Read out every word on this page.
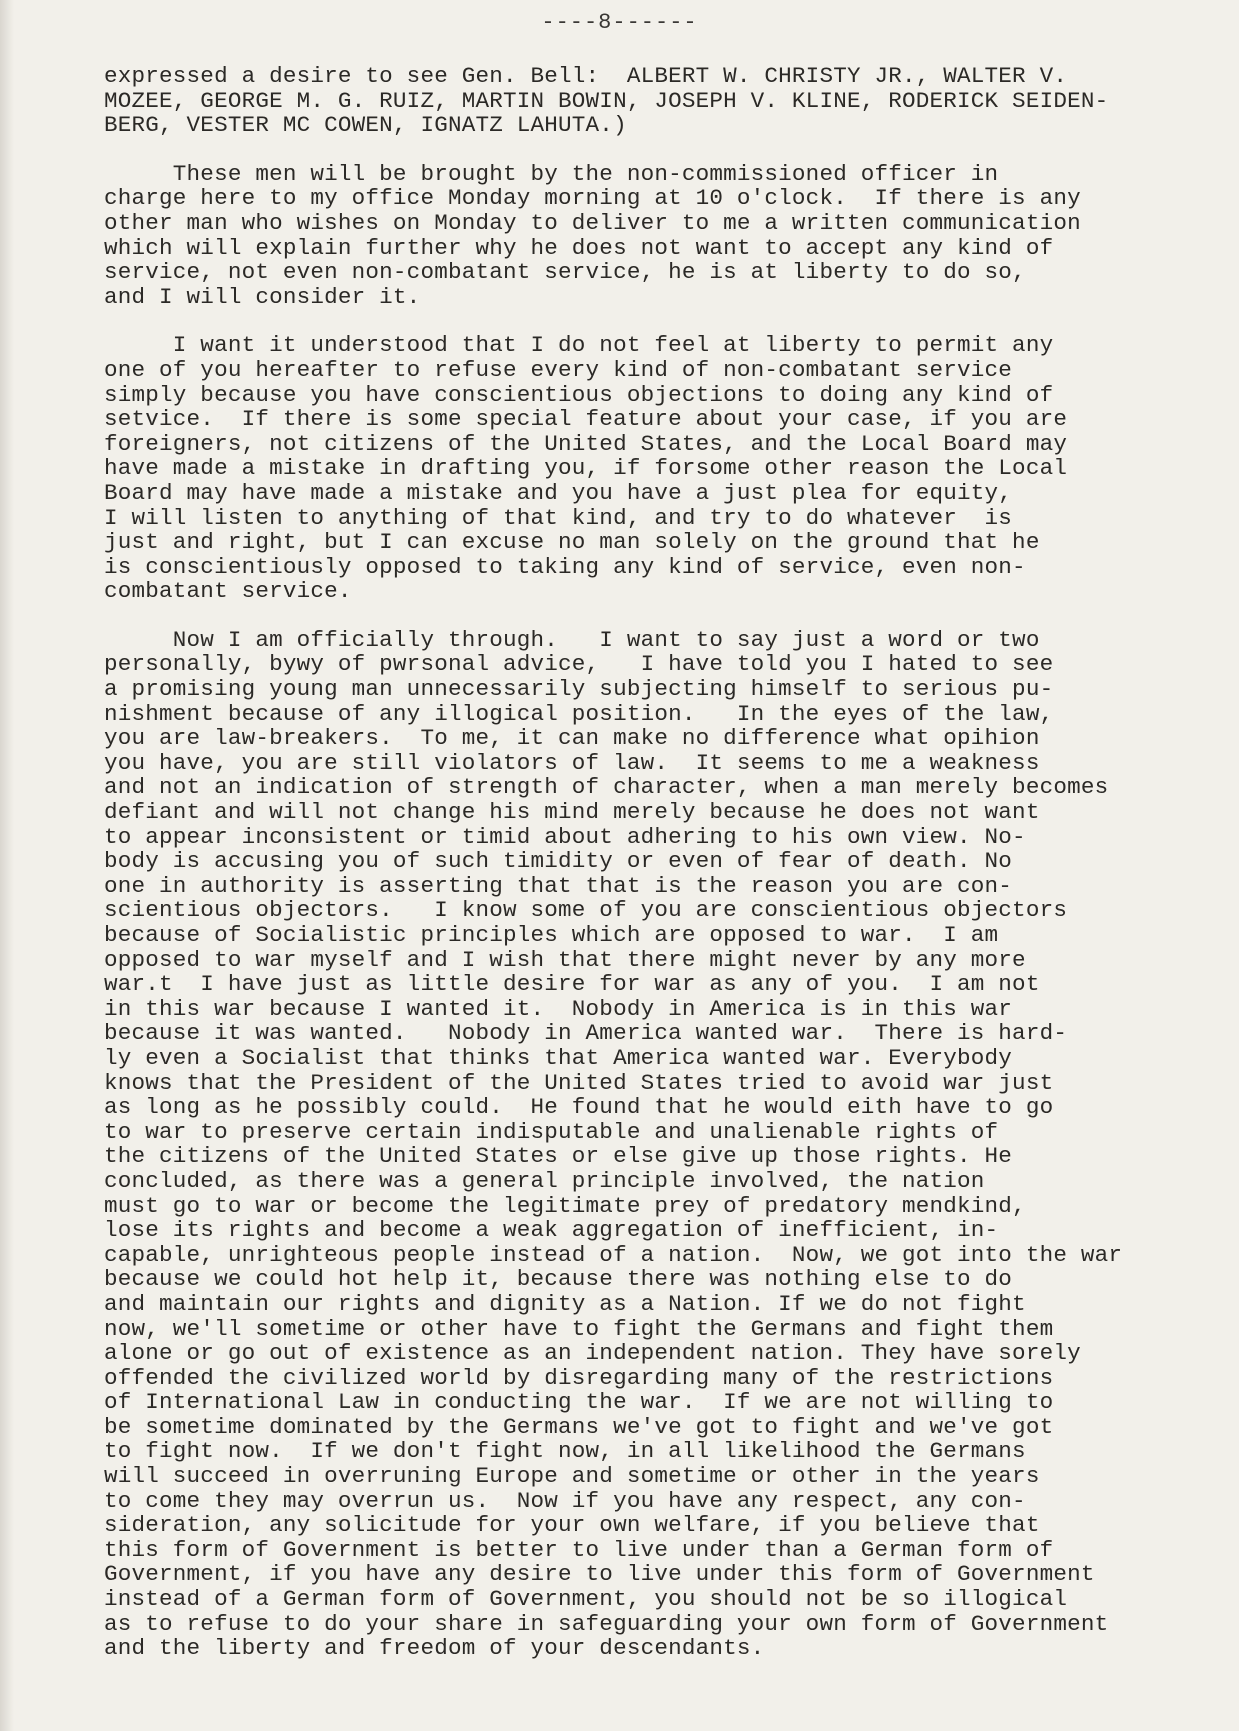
----8------
expressed a desire to see Gen. Bell:  ALBERT W. CHRISTY JR., WALTER V.
MOZEE, GEORGE M. G. RUIZ, MARTIN BOWIN, JOSEPH V. KLINE, RODERICK SEIDEN-
BERG, VESTER MC COWEN, IGNATZ LAHUTA.)
These men will be brought by the non-commissioned officer in
charge here to my office Monday morning at 10 o'clock.  If there is any
other man who wishes on Monday to deliver to me a written communication
which will explain further why he does not want to accept any kind of
service, not even non-combatant service, he is at liberty to do so,
and I will consider it.
I want it understood that I do not feel at liberty to permit any
one of you hereafter to refuse every kind of non-combatant service
simply because you have conscientious objections to doing any kind of
setvice.  If there is some special feature about your case, if you are
foreigners, not citizens of the United States, and the Local Board may
have made a mistake in drafting you, if forsome other reason the Local
Board may have made a mistake and you have a just plea for equity,
I will listen to anything of that kind, and try to do whatever  is
just and right, but I can excuse no man solely on the ground that he
is conscientiously opposed to taking any kind of service, even non-
combatant service.
Now I am officially through.   I want to say just a word or two
personally, bywy of pwrsonal advice,   I have told you I hated to see
a promising young man unnecessarily subjecting himself to serious pu-
nishment because of any illogical position.   In the eyes of the law,
you are law-breakers.  To me, it can make no difference what opihion
you have, you are still violators of law.  It seems to me a weakness
and not an indication of strength of character, when a man merely becomes
defiant and will not change his mind merely because he does not want
to appear inconsistent or timid about adhering to his own view. No-
body is accusing you of such timidity or even of fear of death. No
one in authority is asserting that that is the reason you are con-
scientious objectors.   I know some of you are conscientious objectors
because of Socialistic principles which are opposed to war.  I am
opposed to war myself and I wish that there might never by any more
war.t  I have just as little desire for war as any of you.  I am not
in this war because I wanted it.  Nobody in America is in this war
because it was wanted.   Nobody in America wanted war.  There is hard-
ly even a Socialist that thinks that America wanted war. Everybody
knows that the President of the United States tried to avoid war just
as long as he possibly could.  He found that he would eith have to go
to war to preserve certain indisputable and unalienable rights of
the citizens of the United States or else give up those rights. He
concluded, as there was a general principle involved, the nation
must go to war or become the legitimate prey of predatory mendkind,
lose its rights and become a weak aggregation of inefficient, in-
capable, unrighteous people instead of a nation.  Now, we got into the war
because we could hot help it, because there was nothing else to do
and maintain our rights and dignity as a Nation. If we do not fight
now, we'll sometime or other have to fight the Germans and fight them
alone or go out of existence as an independent nation. They have sorely
offended the civilized world by disregarding many of the restrictions
of International Law in conducting the war.  If we are not willing to
be sometime dominated by the Germans we've got to fight and we've got
to fight now.  If we don't fight now, in all likelihood the Germans
will succeed in overruning Europe and sometime or other in the years
to come they may overrun us.  Now if you have any respect, any con-
sideration, any solicitude for your own welfare, if you believe that
this form of Government is better to live under than a German form of
Government, if you have any desire to live under this form of Government
instead of a German form of Government, you should not be so illogical
as to refuse to do your share in safeguarding your own form of Government
and the liberty and freedom of your descendants.
